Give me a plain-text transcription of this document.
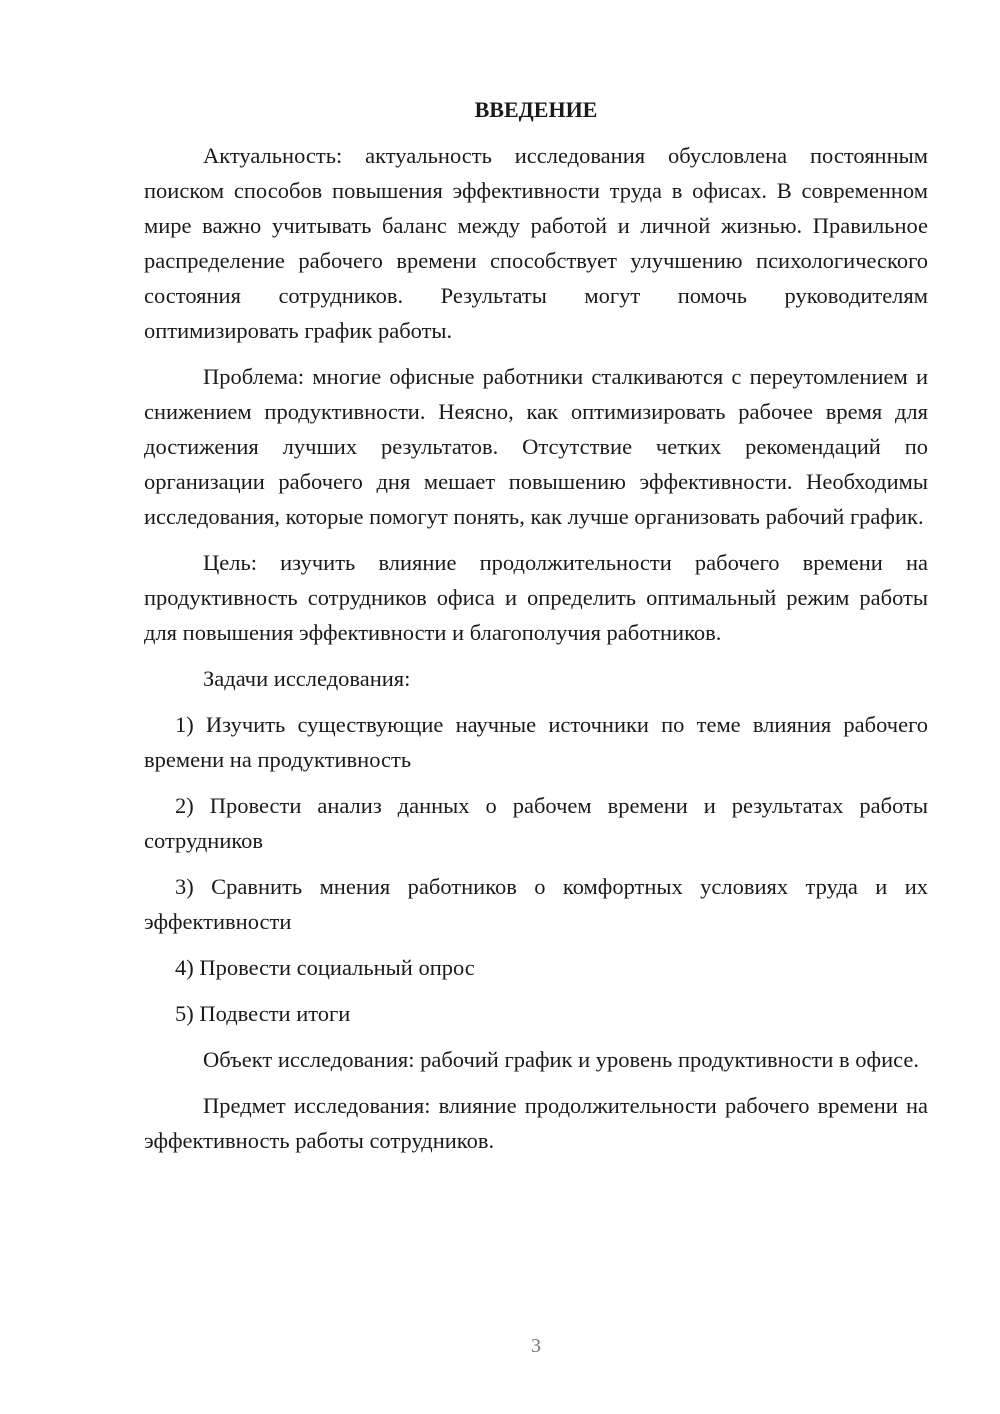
ВВЕДЕНИЕ

Актуальность: актуальность исследования обусловлена постоянным поиском способов повышения эффективности труда в офисах. В современном мире важно учитывать баланс между работой и личной жизнью. Правильное распределение рабочего времени способствует улучшению психологического состояния сотрудников. Результаты могут помочь руководителям оптимизировать график работы.

Проблема: многие офисные работники сталкиваются с переутомлением и снижением продуктивности. Неясно, как оптимизировать рабочее время для достижения лучших результатов. Отсутствие четких рекомендаций по организации рабочего дня мешает повышению эффективности. Необходимы исследования, которые помогут понять, как лучше организовать рабочий график.

Цель: изучить влияние продолжительности рабочего времени на продуктивность сотрудников офиса и определить оптимальный режим работы для повышения эффективности и благополучия работников.

Задачи исследования:

1) Изучить существующие научные источники по теме влияния рабочего времени на продуктивность

2) Провести анализ данных о рабочем времени и результатах работы сотрудников

3) Сравнить мнения работников о комфортных условиях труда и их эффективности

4) Провести социальный опрос

5) Подвести итоги

Объект исследования: рабочий график и уровень продуктивности в офисе.

Предмет исследования: влияние продолжительности рабочего времени на эффективность работы сотрудников.

3
